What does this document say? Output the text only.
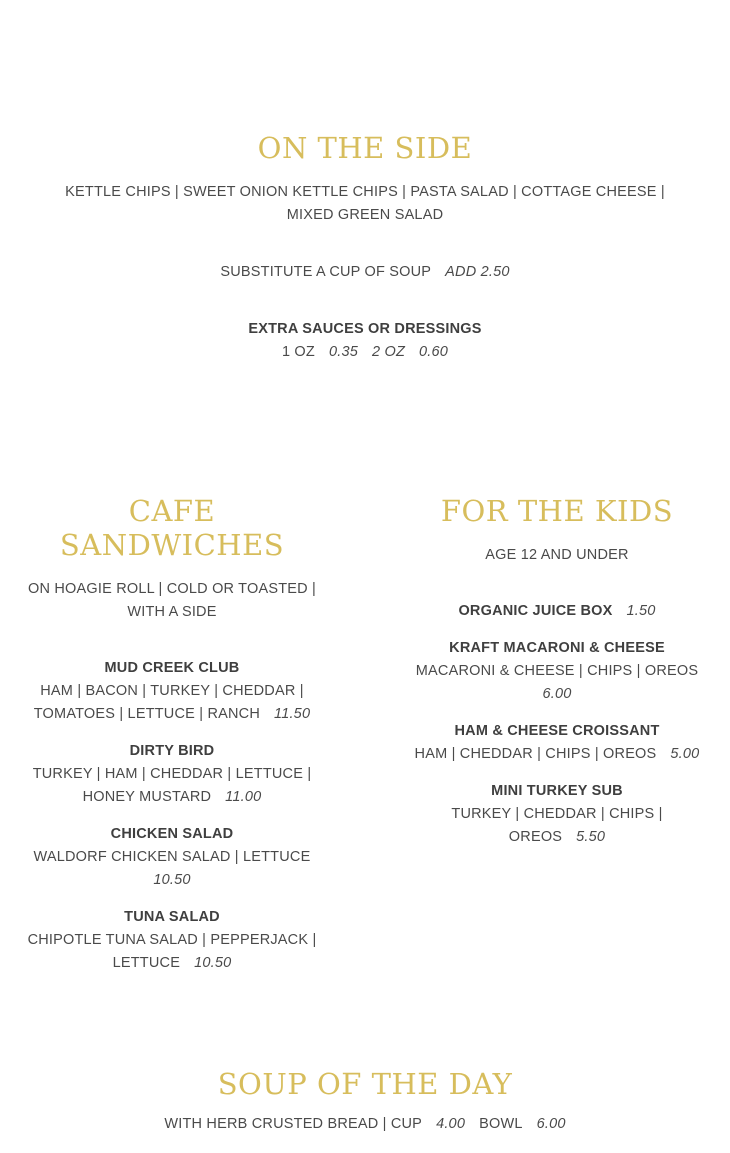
ON THE SIDE
KETTLE CHIPS | SWEET ONION KETTLE CHIPS | PASTA SALAD | COTTAGE CHEESE |
MIXED GREEN SALAD
SUBSTITUTE A CUP OF SOUP ADD 2.50
EXTRA SAUCES OR DRESSINGS
1 OZ 0.35 2 OZ 0.60
CAFE SANDWICHES
ON HOAGIE ROLL | COLD OR TOASTED |
WITH A SIDE
MUD CREEK CLUB
HAM | BACON | TURKEY | CHEDDAR |
TOMATOES | LETTUCE | RANCH 11.50
DIRTY BIRD
TURKEY | HAM | CHEDDAR | LETTUCE |
HONEY MUSTARD 11.00
CHICKEN SALAD
WALDORF CHICKEN SALAD | LETTUCE
10.50
TUNA SALAD
CHIPOTLE TUNA SALAD | PEPPERJACK |
LETTUCE 10.50
FOR THE KIDS
AGE 12 AND UNDER
ORGANIC JUICE BOX 1.50
KRAFT MACARONI & CHEESE
MACARONI & CHEESE | CHIPS | OREOS
6.00
HAM & CHEESE CROISSANT
HAM | CHEDDAR | CHIPS | OREOS 5.00
MINI TURKEY SUB
TURKEY | CHEDDAR | CHIPS | OREOS 5.50
SOUP OF THE DAY
WITH HERB CRUSTED BREAD | CUP 4.00 BOWL 6.00
